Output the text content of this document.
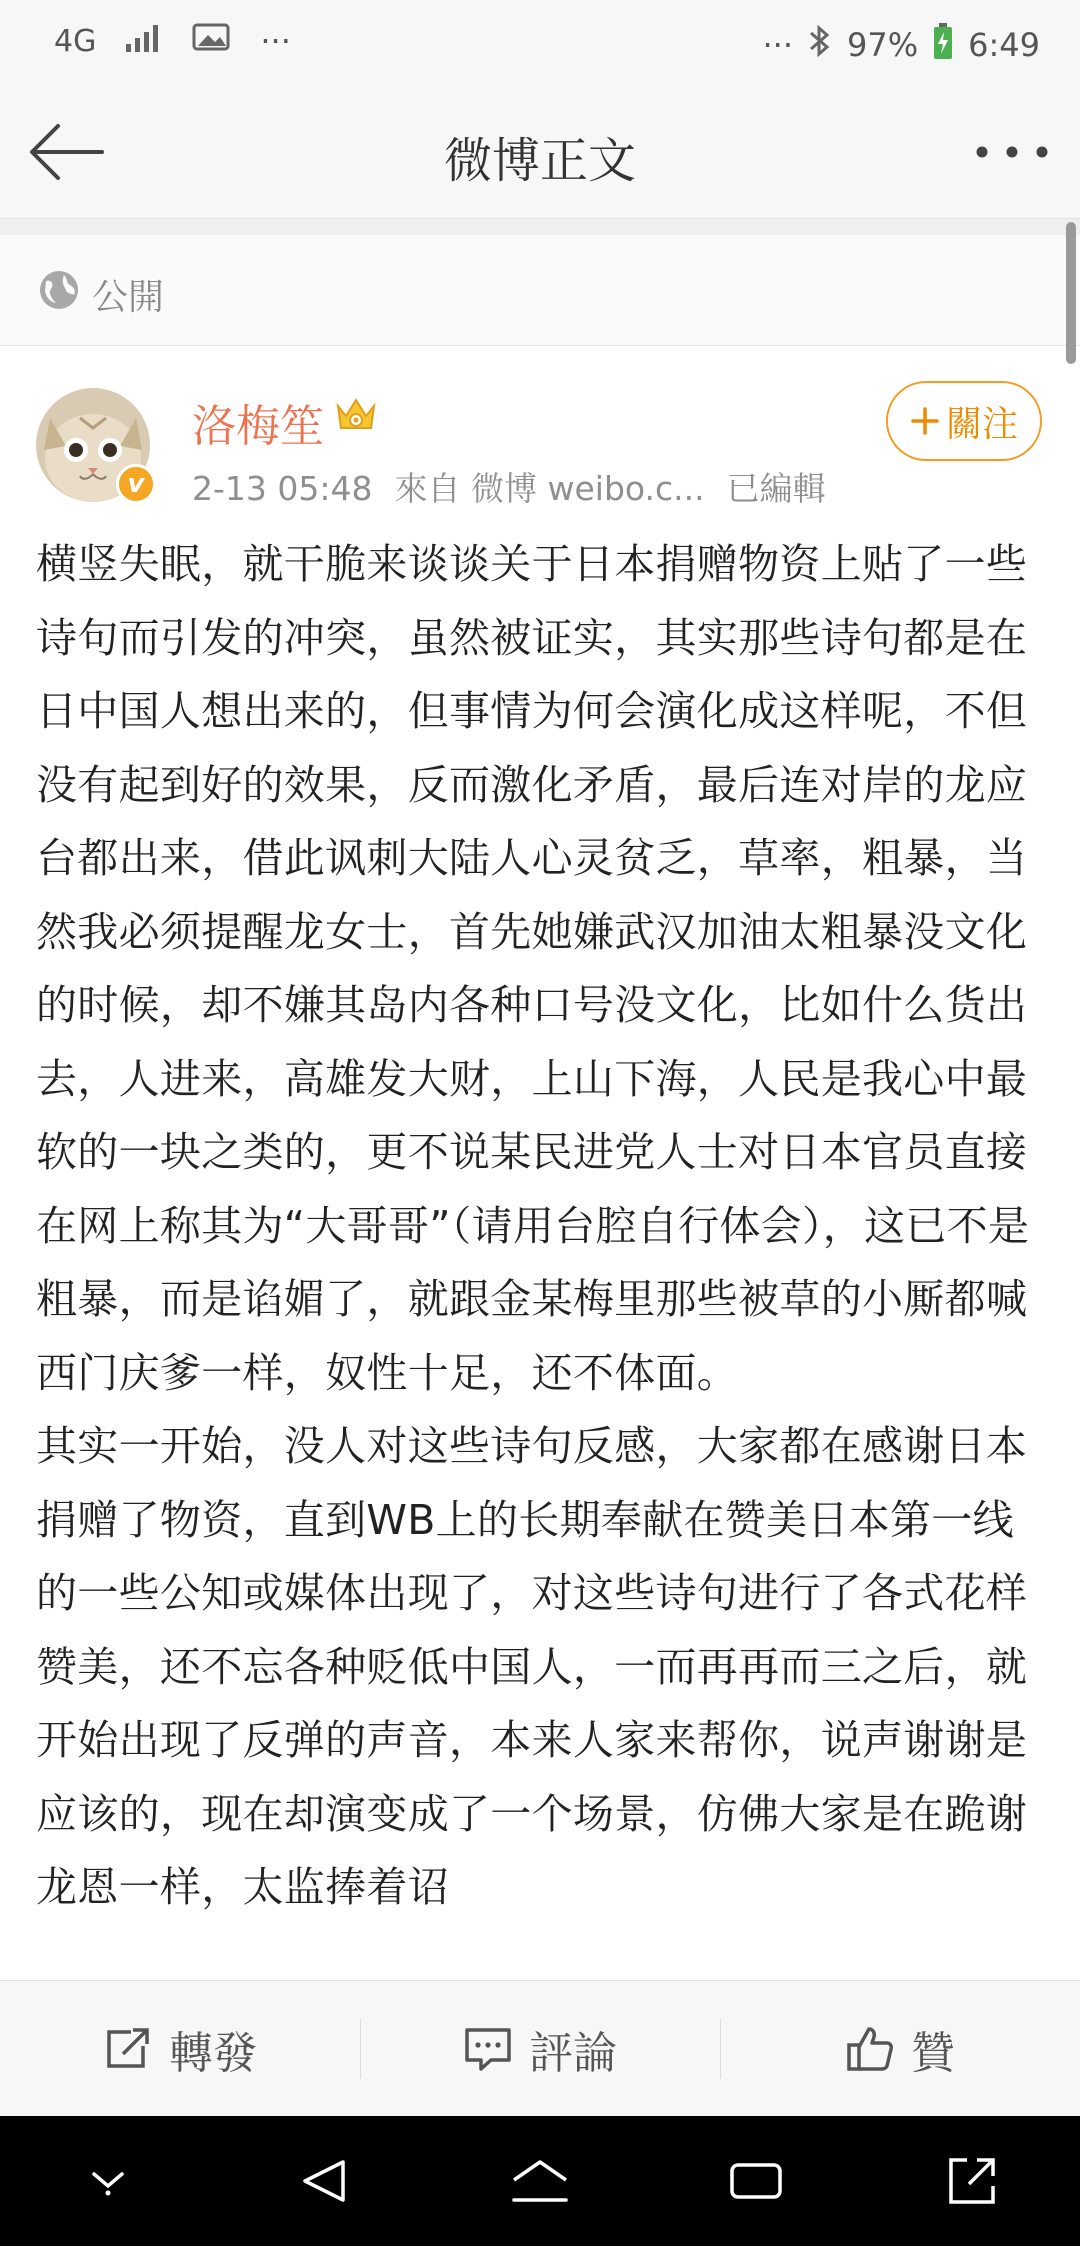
4G	···	··· 97% 6:49
微博正文
公開
v
洛梅笙
2-13 05:48 來自 微博 weibo.c... 已編輯
關注

横竖失眠，就干脆来谈谈关于日本捐赠物资上贴了一些诗句而引发的冲突，虽然被证实，其实那些诗句都是在日中国人想出来的，但事情为何会演化成这样呢，不但没有起到好的效果，反而激化矛盾，最后连对岸的龙应台都出来，借此讽刺大陆人心灵贫乏，草率，粗暴，当然我必须提醒龙女士，首先她嫌武汉加油太粗暴没文化的时候，却不嫌其岛内各种口号没文化，比如什么货出去，人进来，高雄发大财，上山下海，人民是我心中最软的一块之类的，更不说某民进党人士对日本官员直接在网上称其为“大哥哥”（请用台腔自行体会），这已不是粗暴，而是谄媚了，就跟金某梅里那些被草的小厮都喊西门庆爹一样，奴性十足，还不体面。

其实一开始，没人对这些诗句反感，大家都在感谢日本捐赠了物资，直到WB上的长期奉献在赞美日本第一线的一些公知或媒体出现了，对这些诗句进行了各式花样赞美，还不忘各种贬低中国人，一而再再而三之后，就开始出现了反弹的声音，本来人家来帮你，说声谢谢是应该的，现在却演变成了一个场景，仿佛大家是在跪谢龙恩一样，太监捧着诏

轉發	評論	贊
